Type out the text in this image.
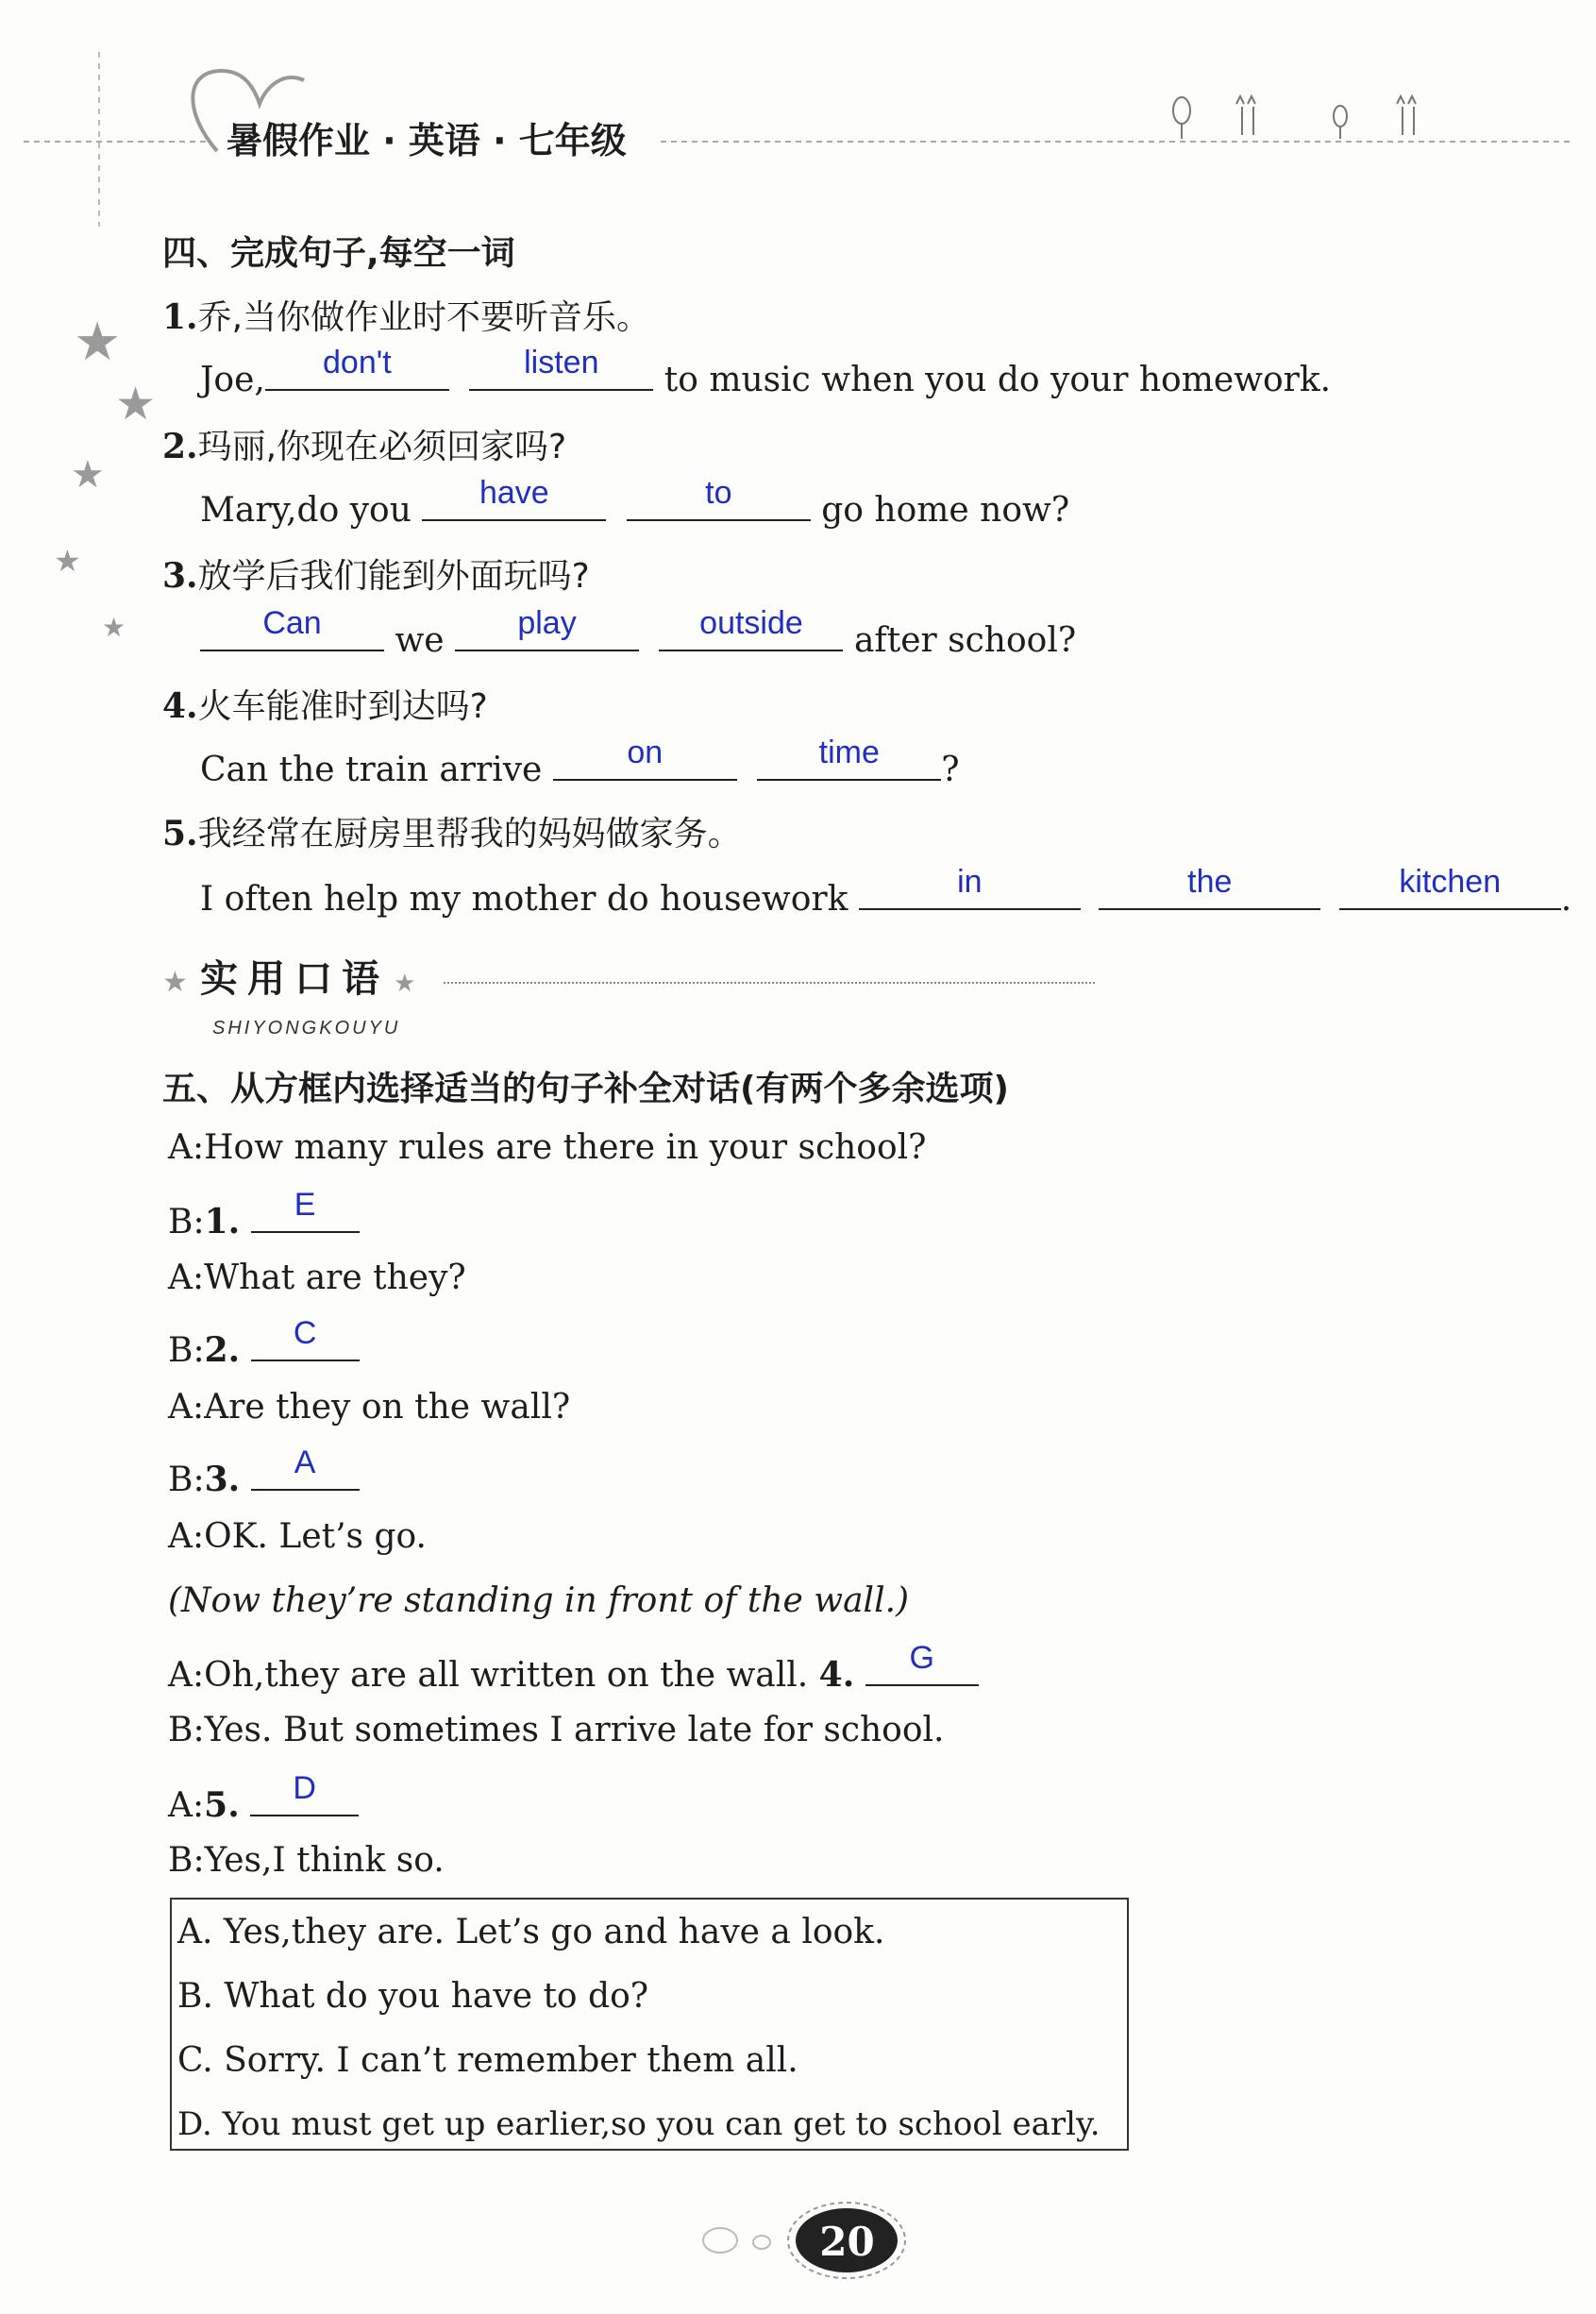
暑假作业 · 英语 · 七年级
★
★
★
★
★
四、完成句子,每空一词
1.乔,当你做作业时不要听音乐。
Joe,	don't
	listen	to music when you do your homework.
2.玛丽,你现在必须回家吗?
Mary,do you	have
	to	go home now?
3.放学后我们能到外面玩吗?
Can	we	play
	outside	after school?
4.火车能准时到达吗?
Can the train arrive	on
	time	?
5.我经常在厨房里帮我的妈妈做家务。
I often help my mother do housework	in
	the
	kitchen	.
★ 实用口语 ★
SHIYONGKOUYU
五、从方框内选择适当的句子补全对话(有两个多余选项)
A:How many rules are there in your school?
B:1.	E
A:What are they?
B:2.	C
A:Are they on the wall?
B:3.	A
A:OK. Let’s go.
(Now they’re standing in front of the wall.)
A:Oh,they are all written on the wall. 4.	G
B:Yes. But sometimes I arrive late for school.
A:5.	D
B:Yes,I think so.
A. Yes,they are. Let’s go and have a look.
B. What do you have to do?
C. Sorry. I can’t remember them all.
D. You must get up earlier,so you can get to school early.
20
